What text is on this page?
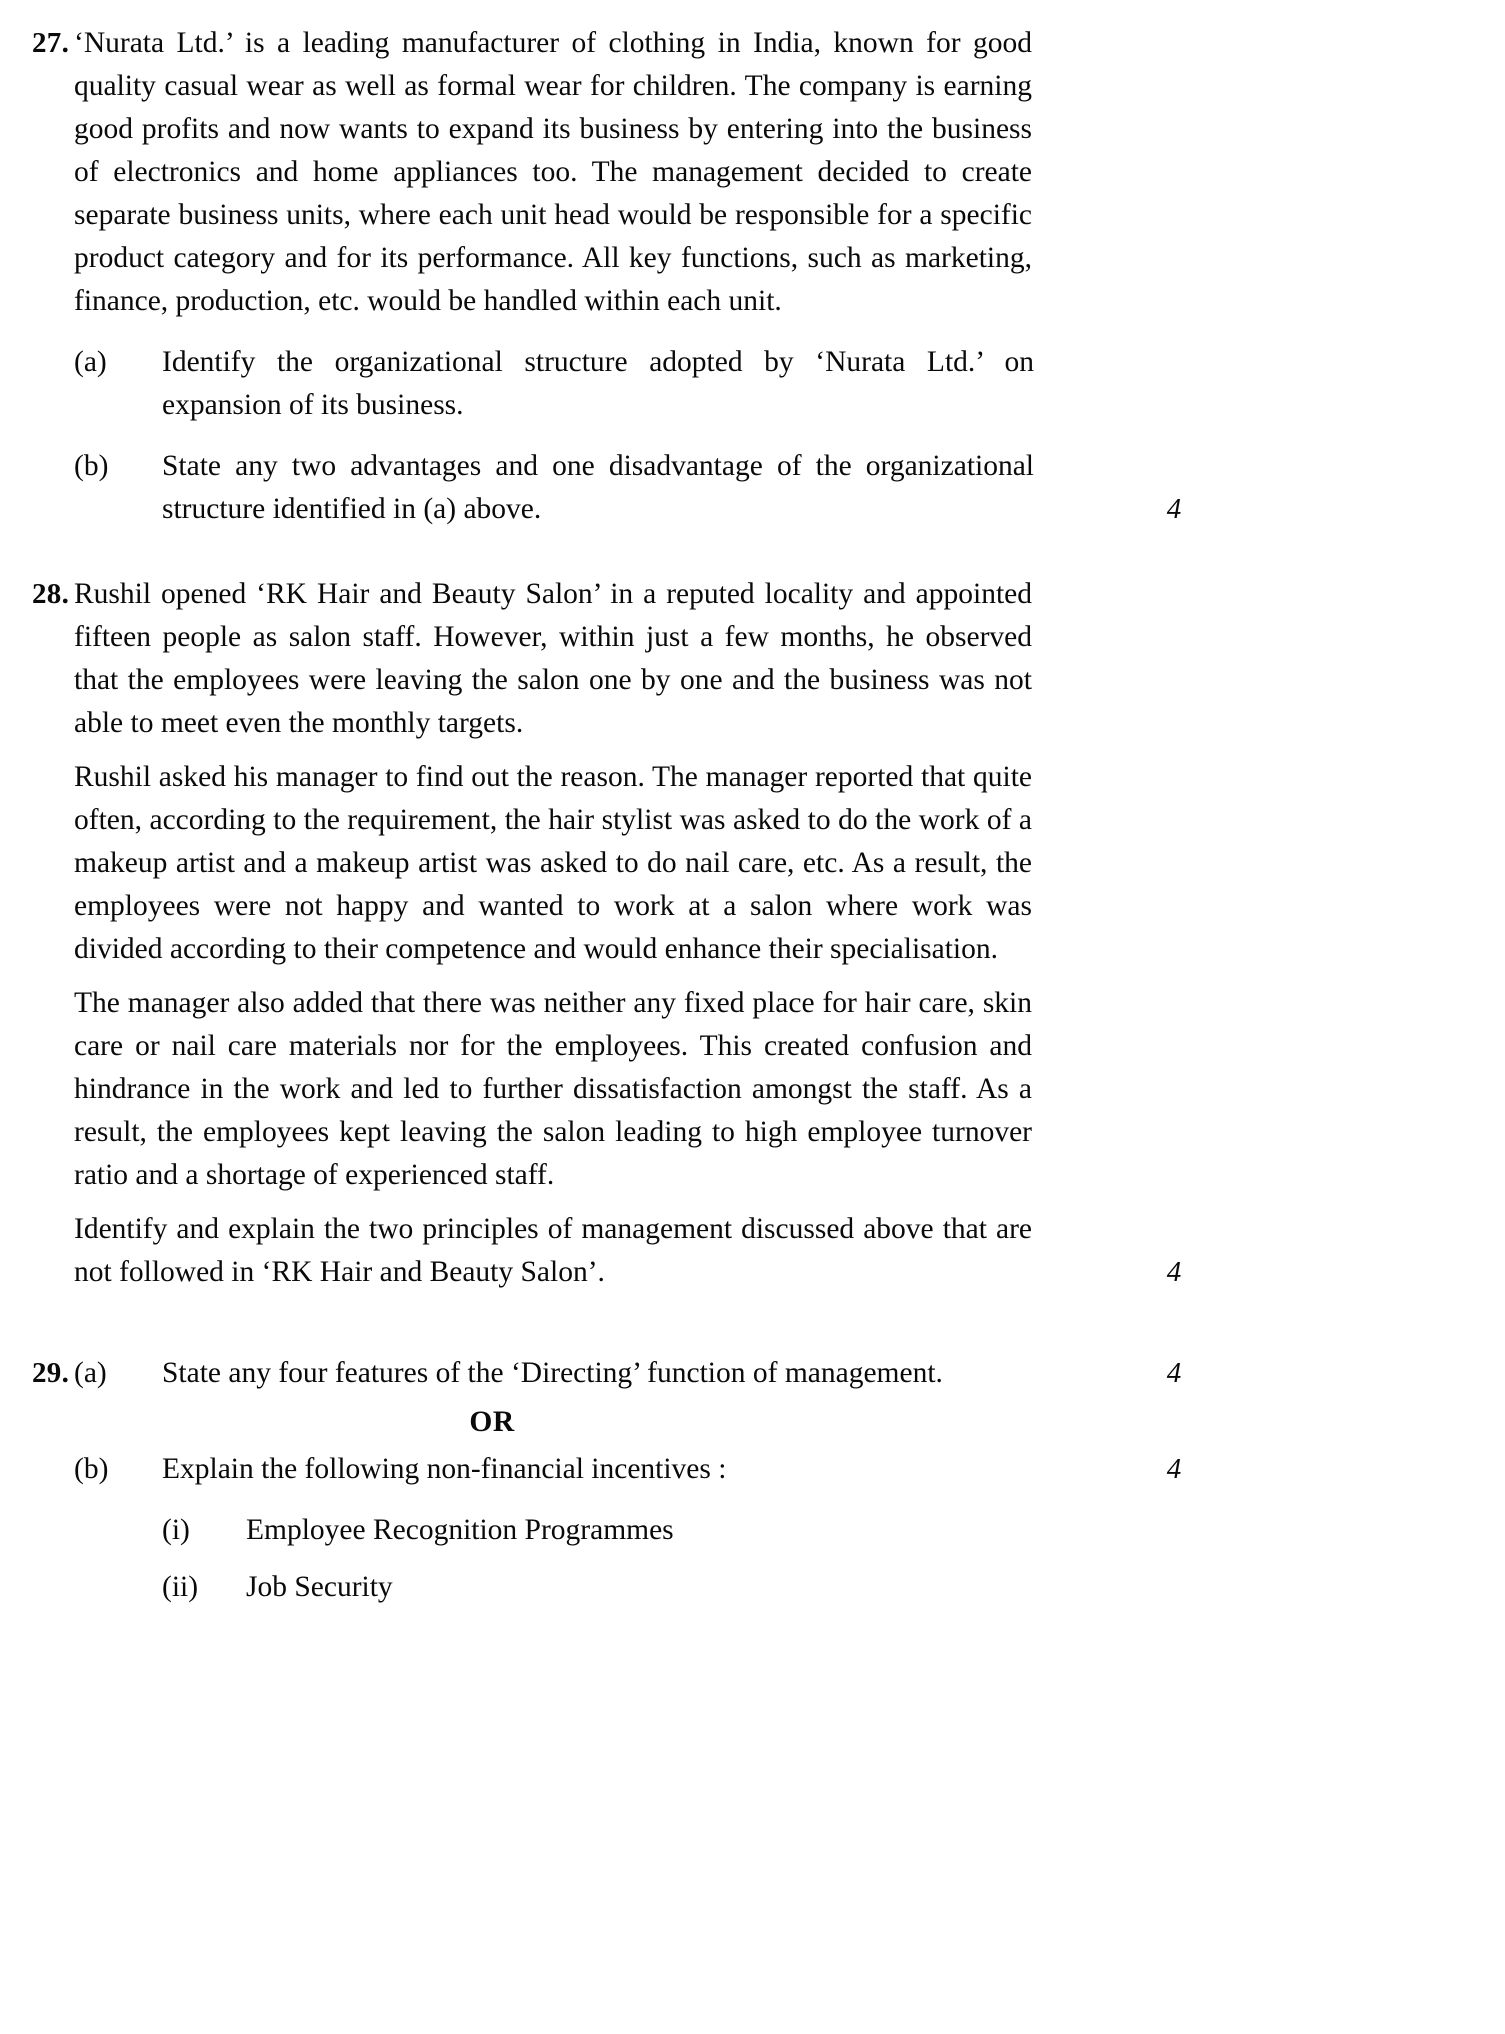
27. ‘Nurata Ltd.’ is a leading manufacturer of clothing in India, known for good quality casual wear as well as formal wear for children. The company is earning good profits and now wants to expand its business by entering into the business of electronics and home appliances too. The management decided to create separate business units, where each unit head would be responsible for a specific product category and for its performance. All key functions, such as marketing, finance, production, etc. would be handled within each unit.

(a)	Identify the organizational structure adopted by ‘Nurata Ltd.’ on expansion of its business.
(b)	State any two advantages and one disadvantage of the organizational structure identified in (a) above.	4
28. Rushil opened ‘RK Hair and Beauty Salon’ in a reputed locality and appointed fifteen people as salon staff. However, within just a few months, he observed that the employees were leaving the salon one by one and the business was not able to meet even the monthly targets.

Rushil asked his manager to find out the reason. The manager reported that quite often, according to the requirement, the hair stylist was asked to do the work of a makeup artist and a makeup artist was asked to do nail care, etc. As a result, the employees were not happy and wanted to work at a salon where work was divided according to their competence and would enhance their specialisation.

The manager also added that there was neither any fixed place for hair care, skin care or nail care materials nor for the employees. This created confusion and hindrance in the work and led to further dissatisfaction amongst the staff. As a result, the employees kept leaving the salon leading to high employee turnover ratio and a shortage of experienced staff.

Identify and explain the two principles of management discussed above that are not followed in ‘RK Hair and Beauty Salon’.	4
29. (a)	State any four features of the ‘Directing’ function of management.	4
OR
(b)	Explain the following non-financial incentives :	4
(i)	Employee Recognition Programmes
(ii)	Job Security
